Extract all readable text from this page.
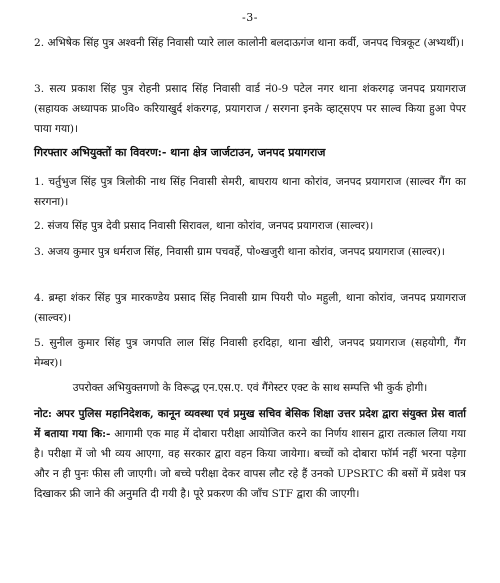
-3-

2. अभिषेक सिंह पुत्र अश्वनी सिंह निवासी प्यारे लाल कालोनी बलदाऊगंज थाना कर्वी, जनपद चित्रकूट (अभ्यर्थी)।

3. सत्य प्रकाश सिंह पुत्र रोहनी प्रसाद सिंह निवासी वार्ड नं0-9 पटेल नगर थाना शंकरगढ़ जनपद प्रयागराज (सहायक अध्यापक प्रा०वि० करियाखुर्द शंकरगढ़, प्रयागराज / सरगना इनके व्हाट्सएप पर साल्व किया हुआ पेपर पाया गया)।

गिरफ्तार अभियुक्तों का विवरण:- थाना क्षेत्र जार्जटाउन, जनपद प्रयागराज

1. चर्तुभुज सिंह पुत्र त्रिलोकी नाथ सिंह निवासी सेमरी, बाघराय थाना कोरांव, जनपद प्रयागराज (साल्वर गैंग का सरगना)।

2. संजय सिंह पुत्र देवी प्रसाद निवासी सिरावल, थाना कोरांव, जनपद प्रयागराज (साल्वर)।

3. अजय कुमार पुत्र धर्मराज सिंह, निवासी ग्राम पचवर्हे, पो०खजुरी थाना कोरांव, जनपद प्रयागराज (साल्वर)।

4. ब्रम्हा शंकर सिंह पुत्र मारकण्डेय प्रसाद सिंह निवासी ग्राम पियरी पो० महुली, थाना कोरांव, जनपद प्रयागराज (साल्वर)।

5. सुनील कुमार सिंह पुत्र जगपति लाल सिंह निवासी हरदिहा, थाना खीरी, जनपद प्रयागराज (सहयोगी, गैंग मेम्बर)।

उपरोक्त अभियुक्तगणो के विरूद्ध एन.एस.ए. एवं गैंगेस्टर एक्ट के साथ सम्पत्ति भी कुर्क होगी।

नोट: अपर पुलिस महानिदेशक, कानून व्यवस्था एवं प्रमुख सचिव बेसिक शिक्षा उत्तर प्रदेश द्वारा संयुक्त प्रेस वार्ता में बताया गया कि:- आगामी एक माह में दोबारा परीक्षा आयोजित करने का निर्णय शासन द्वारा तत्काल लिया गया है। परीक्षा में जो भी व्यय आएगा, वह सरकार द्वारा वहन किया जायेगा। बच्चों को दोबारा फॉर्म नहीं भरना पड़ेगा और न ही पुनः फीस ली जाएगी। जो बच्चे परीक्षा देकर वापस लौट रहे हैं उनको UPSRTC की बसों में प्रवेश पत्र दिखाकर फ्री जाने की अनुमति दी गयी है। पूरे प्रकरण की जाँच STF द्वारा की जाएगी।
